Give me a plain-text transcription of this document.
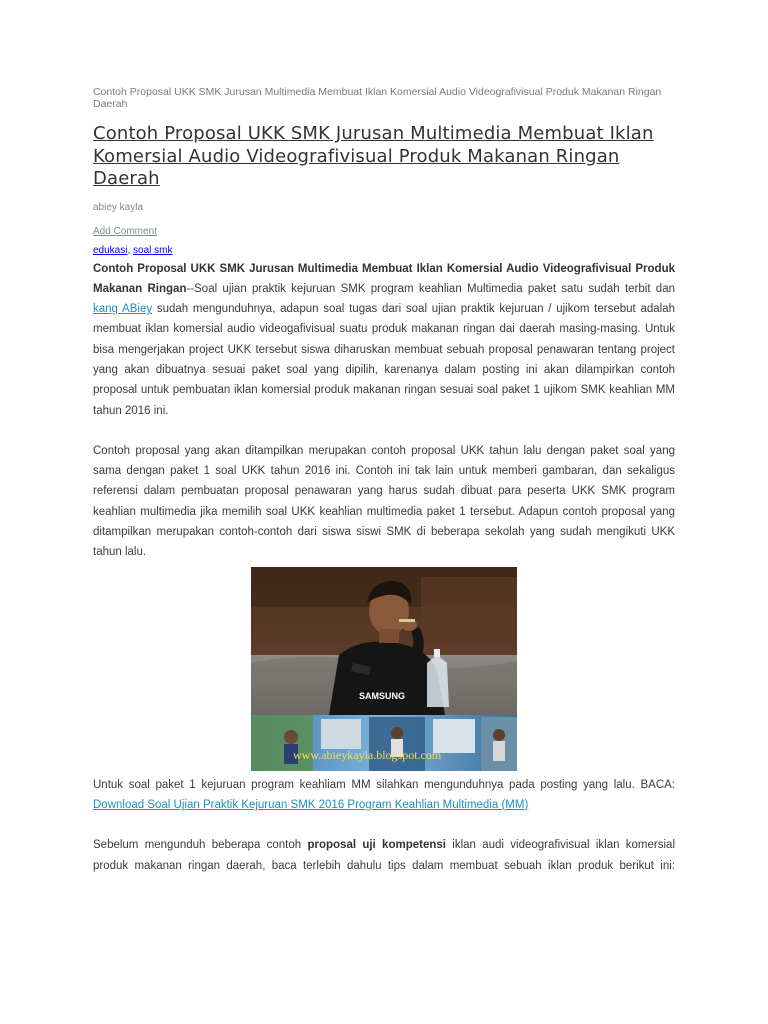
Contoh Proposal UKK SMK Jurusan Multimedia Membuat Iklan Komersial Audio Videografivisual Produk Makanan Ringan Daerah

Contoh Proposal UKK SMK Jurusan Multimedia Membuat Iklan Komersial Audio Videografivisual Produk Makanan Ringan Daerah
abiey kayla
Add Comment
edukasi, soal smk

Contoh Proposal UKK SMK Jurusan Multimedia Membuat Iklan Komersial Audio Videografivisual Produk Makanan Ringan--Soal ujian praktik kejuruan SMK program keahlian Multimedia paket satu sudah terbit dan kang ABiey sudah mengunduhnya, adapun soal tugas dari soal ujian praktik kejuruan / ujikom tersebut adalah membuat iklan komersial audio videogafivisual suatu produk makanan ringan dai daerah masing-masing. Untuk bisa mengerjakan project UKK tersebut siswa diharuskan membuat sebuah proposal penawaran tentang project yang akan dibuatnya sesuai paket soal yang dipilih, karenanya dalam posting ini akan dilampirkan contoh proposal untuk pembuatan iklan komersial produk makanan ringan sesuai soal paket 1 ujikom SMK keahlian MM tahun 2016 ini.

Contoh proposal yang akan ditampilkan merupakan contoh proposal UKK tahun lalu dengan paket soal yang sama dengan paket 1 soal UKK tahun 2016 ini. Contoh ini tak lain untuk memberi gambaran, dan sekaligus referensi dalam pembuatan proposal penawaran yang harus sudah dibuat para peserta UKK SMK program keahlian multimedia jika memilih soal UKK keahlian multimedia paket 1 tersebut. Adapun contoh proposal yang ditampilkan merupakan contoh-contoh dari siswa siswi SMK di beberapa sekolah yang sudah mengikuti UKK tahun lalu.

SAMSUNG
www.abieykayla.blogspot.com

Untuk soal paket 1 kejuruan program keahliam MM silahkan mengunduhnya pada posting yang lalu. BACA: Download Soal Ujian Praktik Kejuruan SMK 2016 Program Keahlian Multimedia (MM)

Sebelum mengunduh beberapa contoh proposal uji kompetensi iklan audi videografivisual iklan komersial produk makanan ringan daerah, baca terlebih dahulu tips dalam membuat sebuah iklan produk berikut ini:
